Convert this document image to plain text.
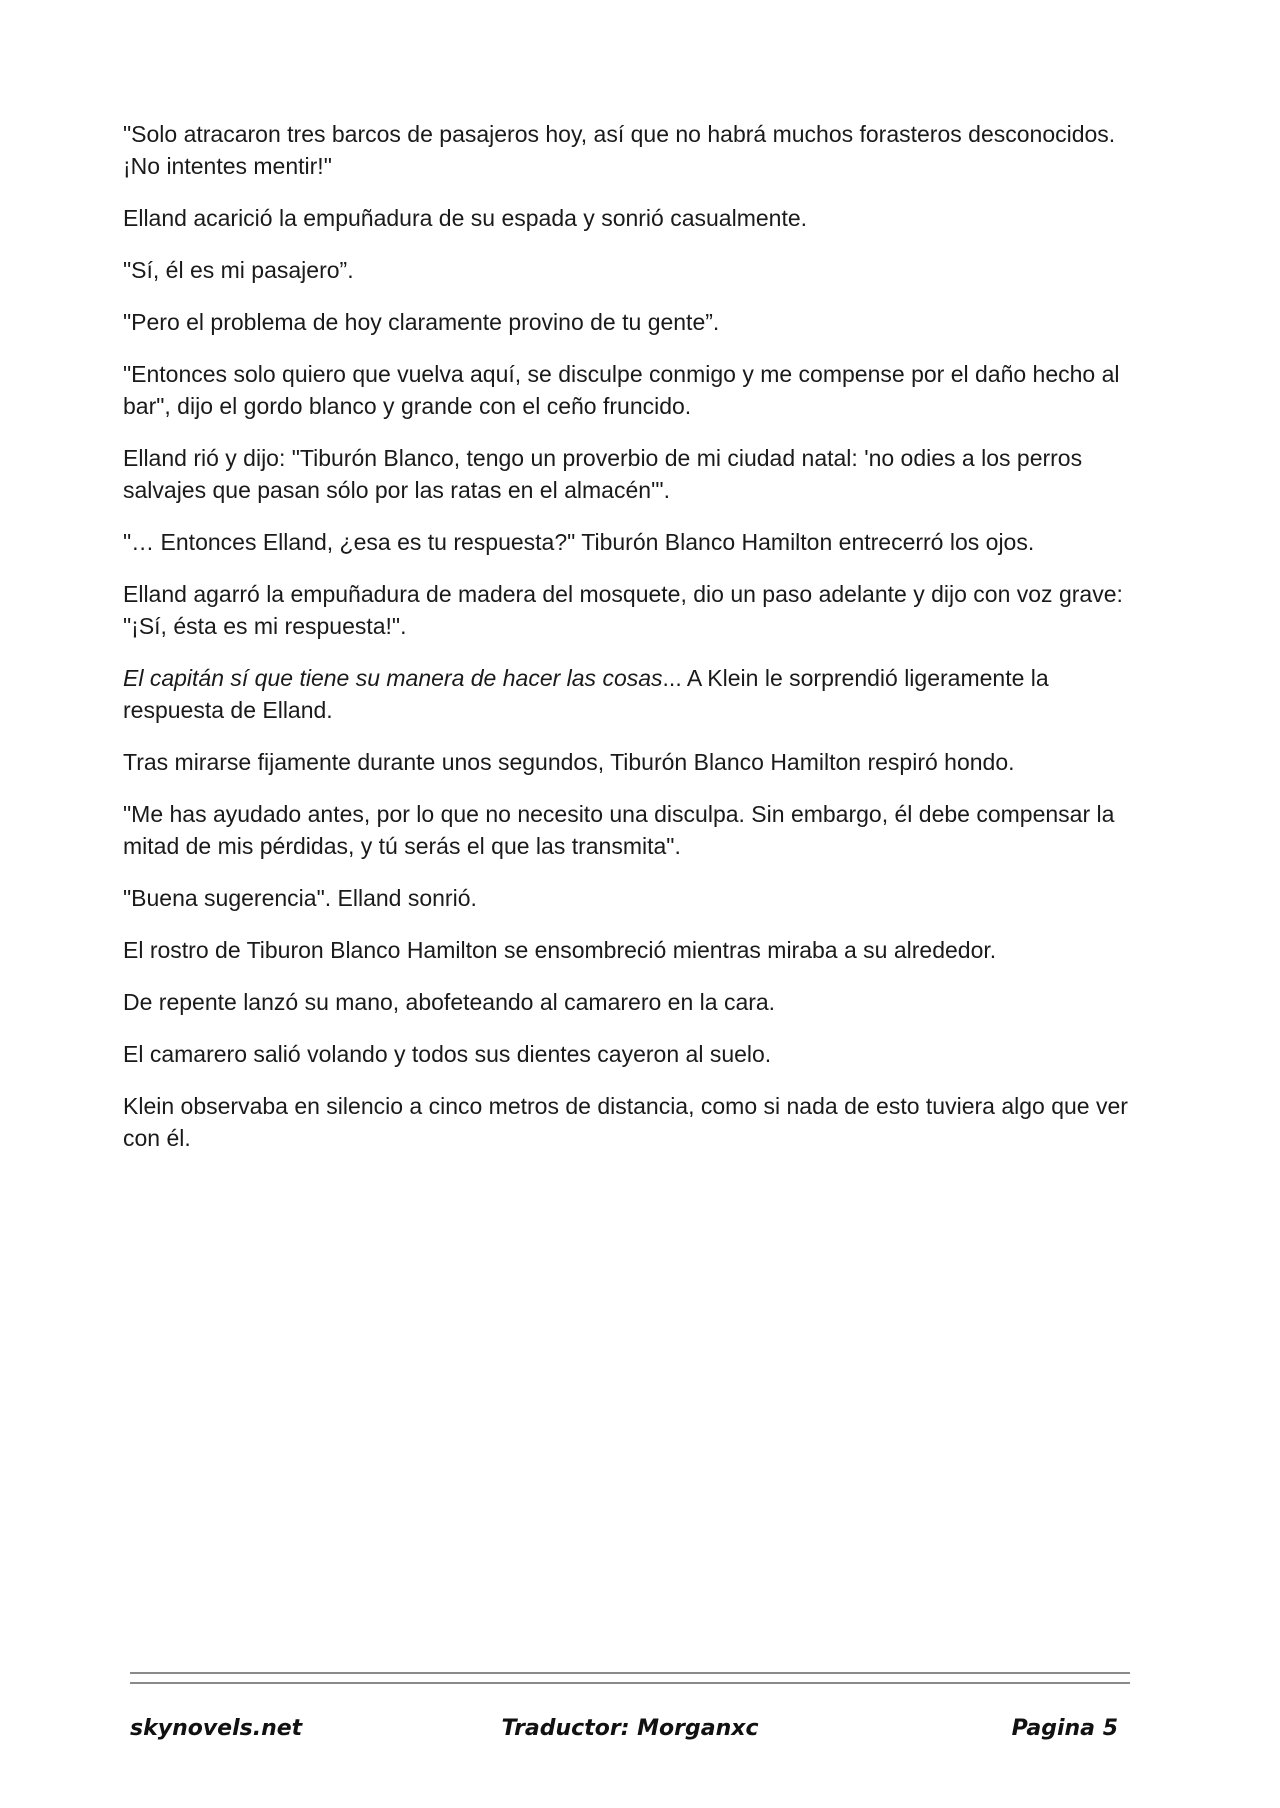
"Solo atracaron tres barcos de pasajeros hoy, así que no habrá muchos forasteros desconocidos. ¡No intentes mentir!"

Elland acarició la empuñadura de su espada y sonrió casualmente.

"Sí, él es mi pasajero”.

"Pero el problema de hoy claramente provino de tu gente”.

"Entonces solo quiero que vuelva aquí, se disculpe conmigo y me compense por el daño hecho al bar", dijo el gordo blanco y grande con el ceño fruncido.

Elland rió y dijo: "Tiburón Blanco, tengo un proverbio de mi ciudad natal: 'no odies a los perros salvajes que pasan sólo por las ratas en el almacén'".

"… Entonces Elland, ¿esa es tu respuesta?" Tiburón Blanco Hamilton entrecerró los ojos.

Elland agarró la empuñadura de madera del mosquete, dio un paso adelante y dijo con voz grave: "¡Sí, ésta es mi respuesta!".

El capitán sí que tiene su manera de hacer las cosas... A Klein le sorprendió ligeramente la respuesta de Elland.

Tras mirarse fijamente durante unos segundos, Tiburón Blanco Hamilton respiró hondo.

"Me has ayudado antes, por lo que no necesito una disculpa. Sin embargo, él debe compensar la mitad de mis pérdidas, y tú serás el que las transmita".

"Buena sugerencia". Elland sonrió.

El rostro de Tiburon Blanco Hamilton se ensombreció mientras miraba a su alrededor.

De repente lanzó su mano, abofeteando al camarero en la cara.

El camarero salió volando y todos sus dientes cayeron al suelo.

Klein observaba en silencio a cinco metros de distancia, como si nada de esto tuviera algo que ver con él.

skynovels.net	Traductor: Morganxc	Pagina 5
